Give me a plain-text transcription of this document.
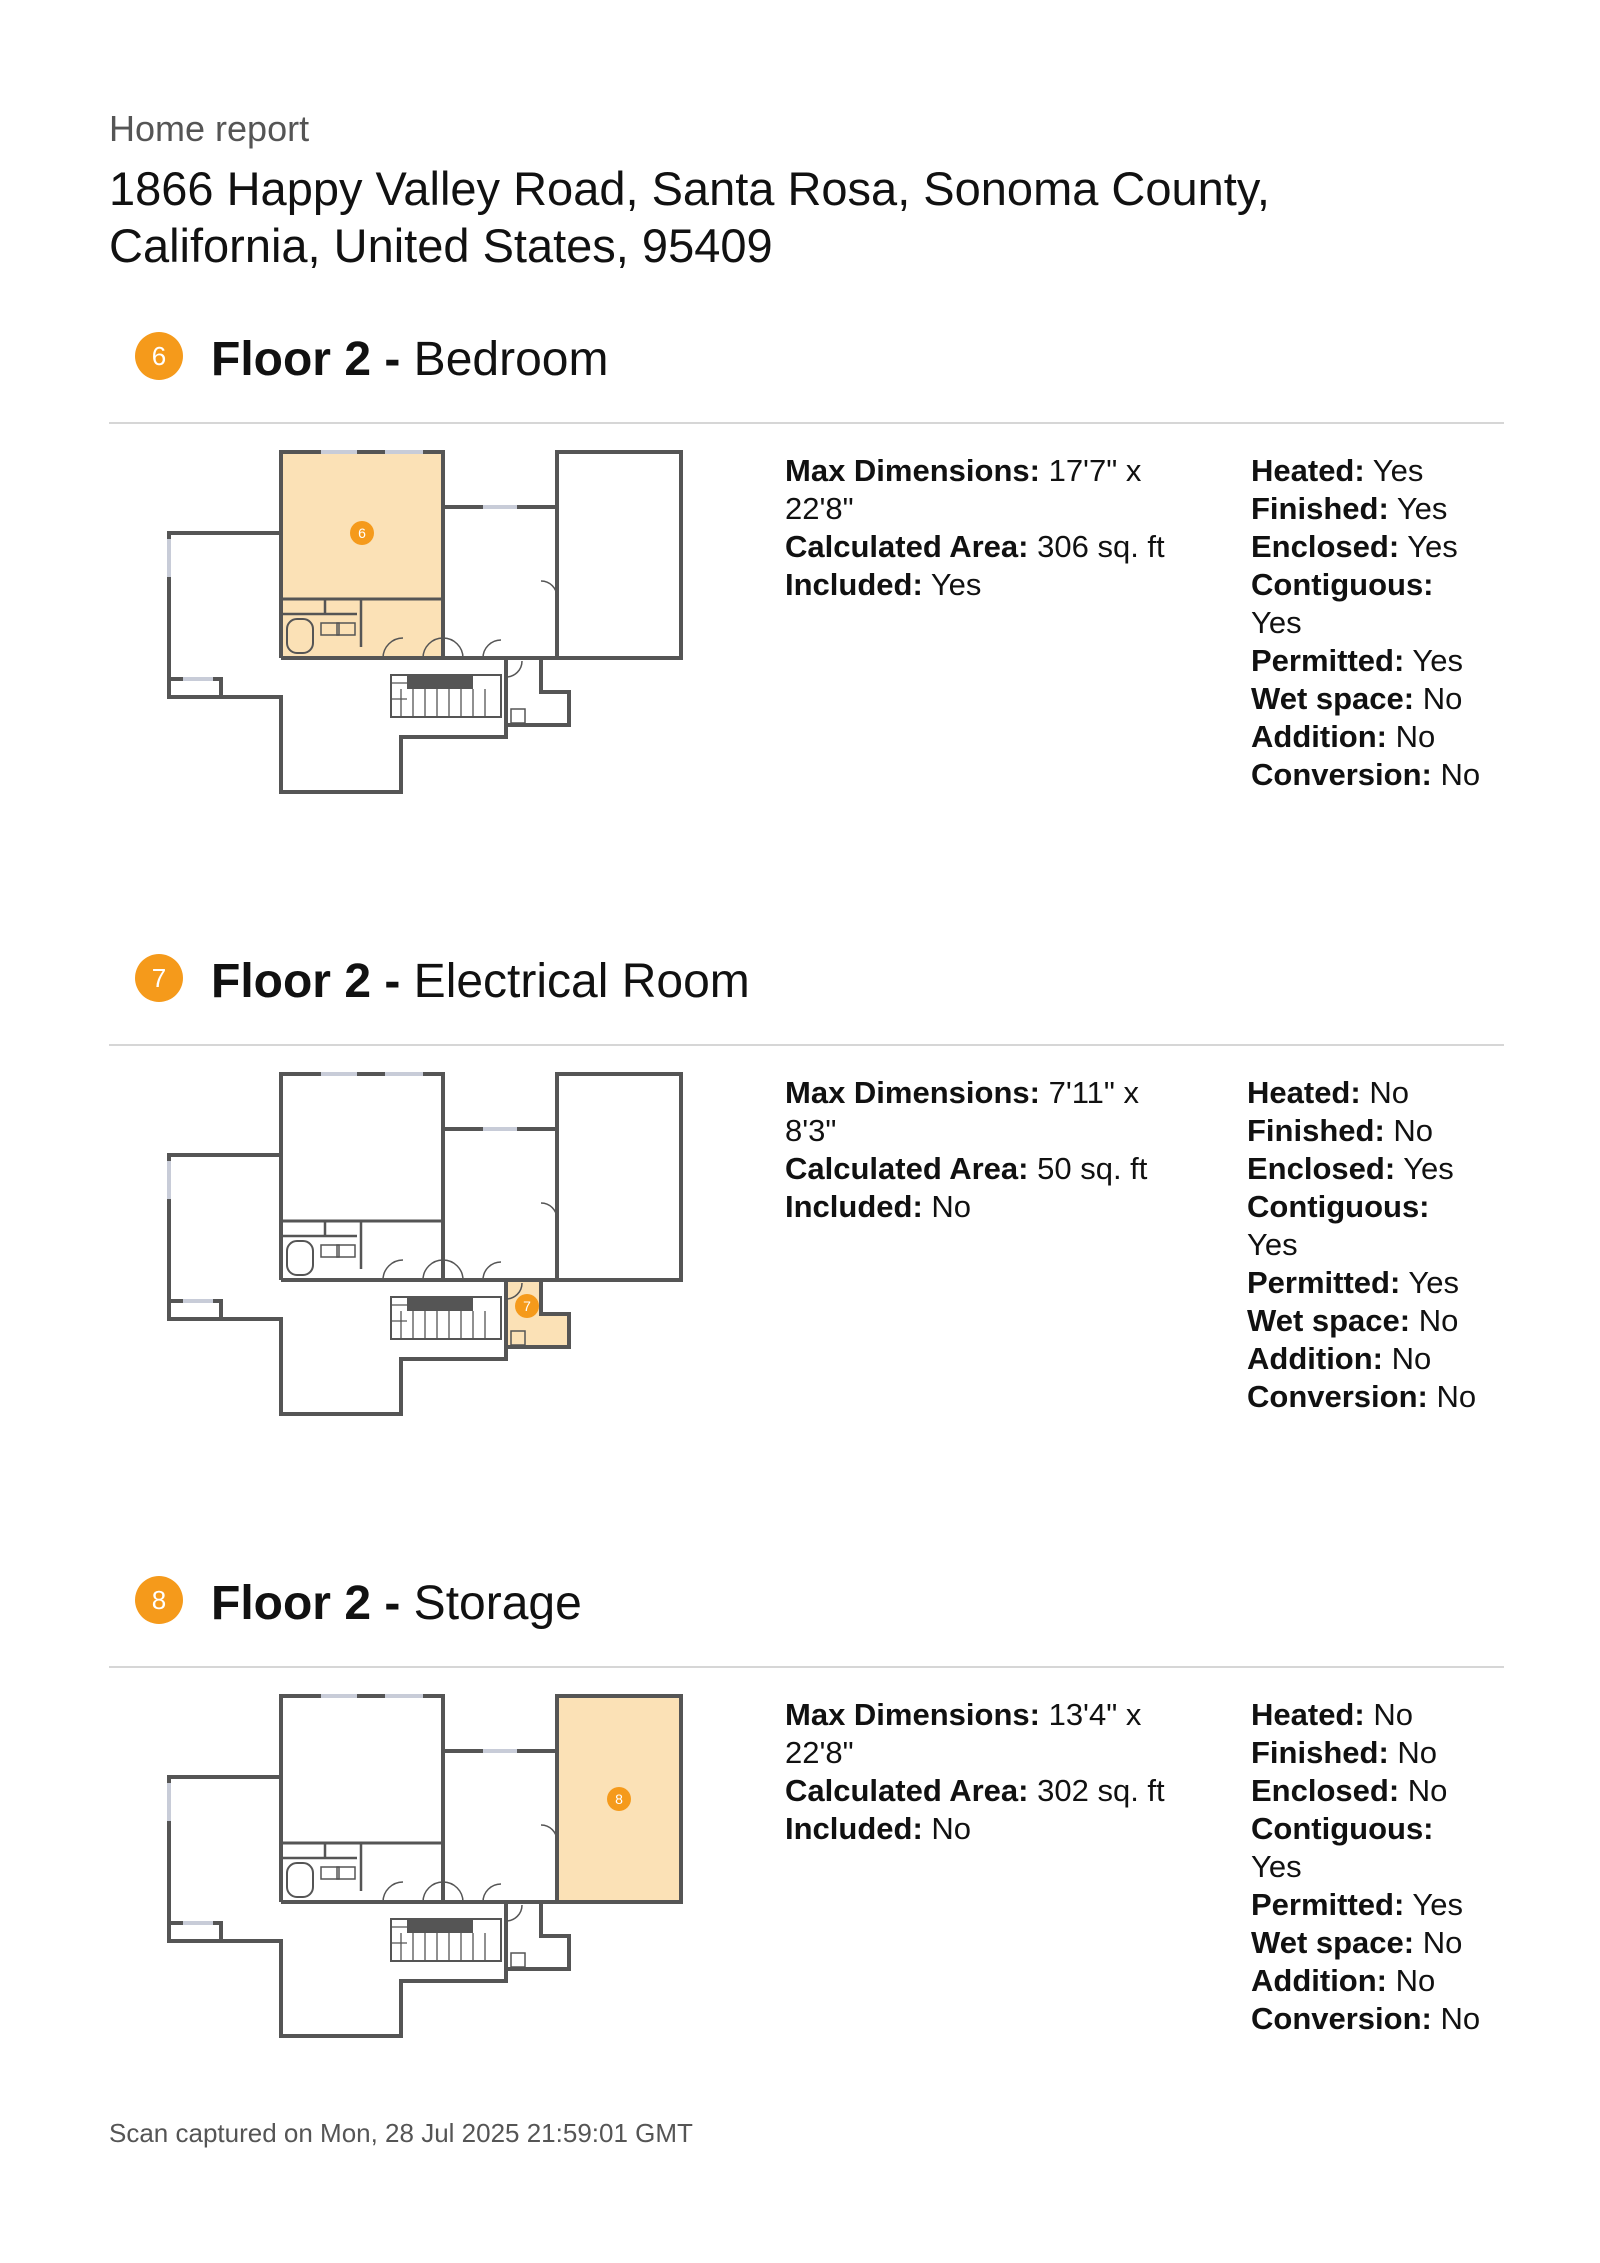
Home report
1866 Happy Valley Road, Santa Rosa, Sonoma County, California, United States, 95409
6 Floor 2 - Bedroom
6

Max Dimensions: 17'7" x 22'8"

Calculated Area: 306 sq. ft

Included: Yes

Heated: Yes

Finished: Yes

Enclosed: Yes

Contiguous: Yes

Permitted: Yes

Wet space: No

Addition: No

Conversion: No

7 Floor 2 - Electrical Room
7

Max Dimensions: 7'11" x 8'3"

Calculated Area: 50 sq. ft

Included: No

Heated: No

Finished: No

Enclosed: Yes

Contiguous: Yes

Permitted: Yes

Wet space: No

Addition: No

Conversion: No

8 Floor 2 - Storage
8

Max Dimensions: 13'4" x 22'8"

Calculated Area: 302 sq. ft

Included: No

Heated: No

Finished: No

Enclosed: No

Contiguous: Yes

Permitted: Yes

Wet space: No

Addition: No

Conversion: No

Scan captured on Mon, 28 Jul 2025 21:59:01 GMT
